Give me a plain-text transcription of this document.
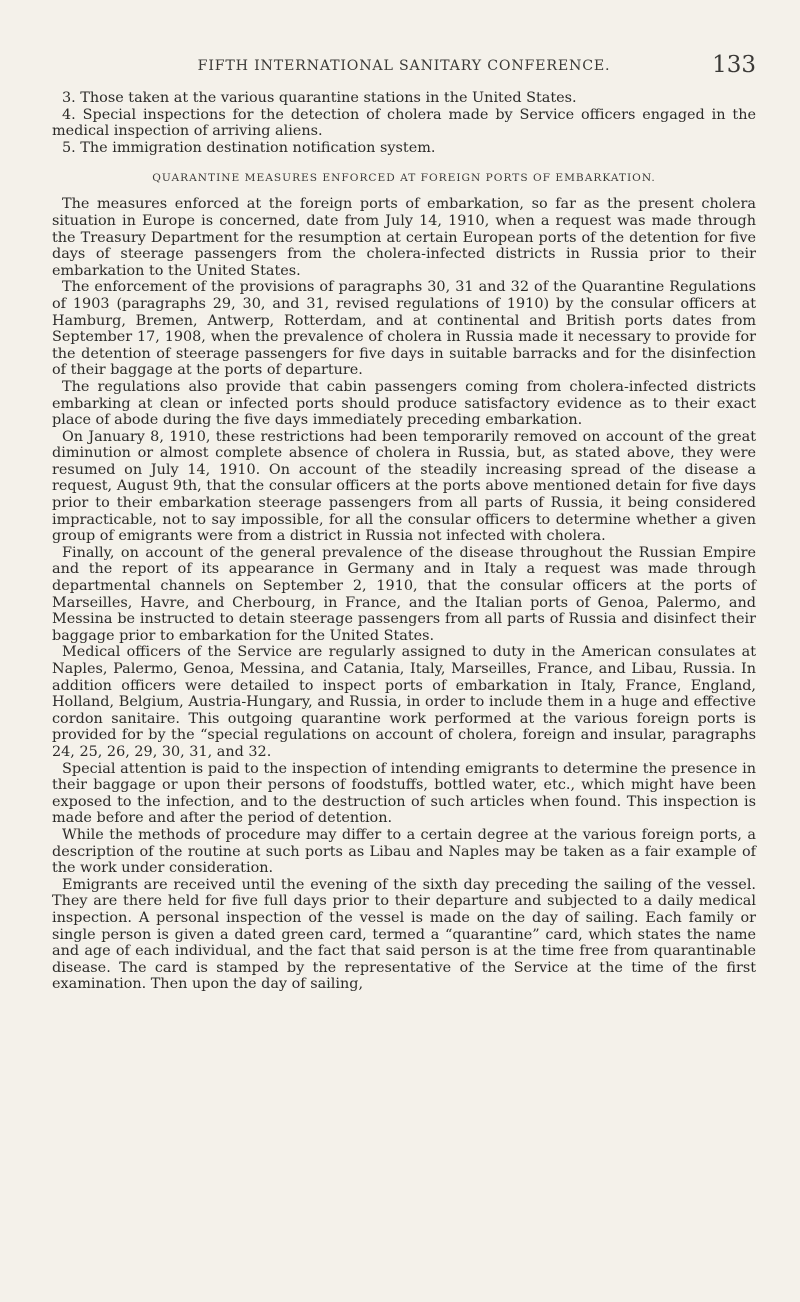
FIFTH INTERNATIONAL SANITARY CONFERENCE.	133

3. Those taken at the various quarantine stations in the United States.

4. Special inspections for the detection of cholera made by Service officers engaged in the medical inspection of arriving aliens.

5. The immigration destination notification system.

QUARANTINE MEASURES ENFORCED AT FOREIGN PORTS OF EMBARKATION.

The measures enforced at the foreign ports of embarkation, so far as the present cholera situation in Europe is concerned, date from July 14, 1910, when a request was made through the Treasury Department for the resumption at certain European ports of the detention for five days of steerage passengers from the cholera-infected districts in Russia prior to their embarkation to the United States.

The enforcement of the provisions of paragraphs 30, 31 and 32 of the Quarantine Regulations of 1903 (paragraphs 29, 30, and 31, revised regulations of 1910) by the consular officers at Hamburg, Bremen, Antwerp, Rotterdam, and at continental and British ports dates from September 17, 1908, when the prevalence of cholera in Russia made it necessary to provide for the detention of steerage passengers for five days in suitable barracks and for the disinfection of their baggage at the ports of departure.

The regulations also provide that cabin passengers coming from cholera-infected districts embarking at clean or infected ports should produce satisfactory evidence as to their exact place of abode during the five days immediately preceding embarkation.

On January 8, 1910, these restrictions had been temporarily removed on account of the great diminution or almost complete absence of cholera in Russia, but, as stated above, they were resumed on July 14, 1910. On account of the steadily increasing spread of the disease a request, August 9th, that the consular officers at the ports above mentioned detain for five days prior to their embarkation steerage passengers from all parts of Russia, it being considered impracticable, not to say impossible, for all the consular officers to determine whether a given group of emigrants were from a district in Russia not infected with cholera.

Finally, on account of the general prevalence of the disease throughout the Russian Empire and the report of its appearance in Germany and in Italy a request was made through departmental channels on September 2, 1910, that the consular officers at the ports of Marseilles, Havre, and Cherbourg, in France, and the Italian ports of Genoa, Palermo, and Messina be instructed to detain steerage passengers from all parts of Russia and disinfect their baggage prior to embarkation for the United States.

Medical officers of the Service are regularly assigned to duty in the American consulates at Naples, Palermo, Genoa, Messina, and Catania, Italy, Marseilles, France, and Libau, Russia. In addition officers were detailed to inspect ports of embarkation in Italy, France, England, Holland, Belgium, Austria-Hungary, and Russia, in order to include them in a huge and effective cordon sanitaire. This outgoing quarantine work performed at the various foreign ports is provided for by the “special regulations on account of cholera, foreign and insular, paragraphs 24, 25, 26, 29, 30, 31, and 32.

Special attention is paid to the inspection of intending emigrants to determine the presence in their baggage or upon their persons of foodstuffs, bottled water, etc., which might have been exposed to the infection, and to the destruction of such articles when found. This inspection is made before and after the period of detention.

While the methods of procedure may differ to a certain degree at the various foreign ports, a description of the routine at such ports as Libau and Naples may be taken as a fair example of the work under consideration.

Emigrants are received until the evening of the sixth day preceding the sailing of the vessel. They are there held for five full days prior to their departure and subjected to a daily medical inspection. A personal inspection of the vessel is made on the day of sailing. Each family or single person is given a dated green card, termed a “quarantine” card, which states the name and age of each individual, and the fact that said person is at the time free from quarantinable disease. The card is stamped by the representative of the Service at the time of the first examination. Then upon the day of sailing,
